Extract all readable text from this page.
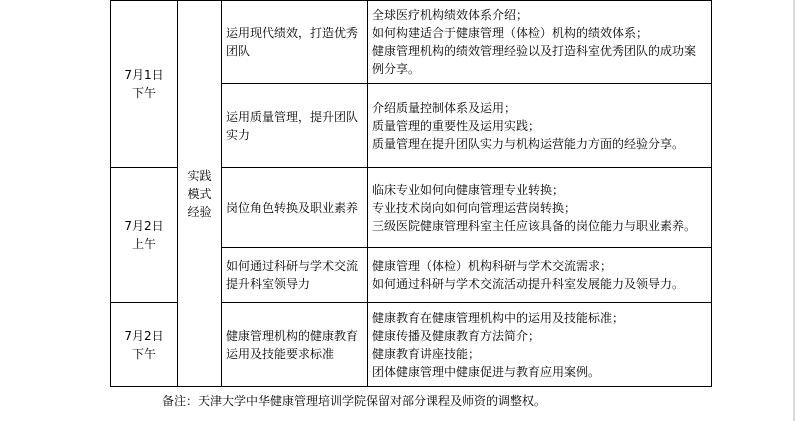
7月1日
下午	实践模式经验	运用现代绩效，打造优秀团队	全球医疗机构绩效体系介绍；
如何构建适合于健康管理（体检）机构的绩效体系；
健康管理机构的绩效管理经验以及打造科室优秀团队的成功案例分享。

		运用质量管理，提升团队实力	介绍质量控制体系及运用；
质量管理的重要性及运用实践；
质量管理在提升团队实力与机构运营能力方面的经验分享。

7月2日
上午		岗位角色转换及职业素养	临床专业如何向健康管理专业转换；
专业技术岗向如何向管理运营岗转换；
三级医院健康管理科室主任应该具备的岗位能力与职业素养。

		如何通过科研与学术交流提升科室领导力	健康管理（体检）机构科研与学术交流需求；
如何通过科研与学术交流活动提升科室发展能力及领导力。

7月2日
下午		健康管理机构的健康教育运用及技能要求标准	健康教育在健康管理机构中的运用及技能标准；
健康传播及健康教育方法简介；
健康教育讲座技能；
团体健康管理中健康促进与教育应用案例。
备注：天津大学中华健康管理培训学院保留对部分课程及师资的调整权。
